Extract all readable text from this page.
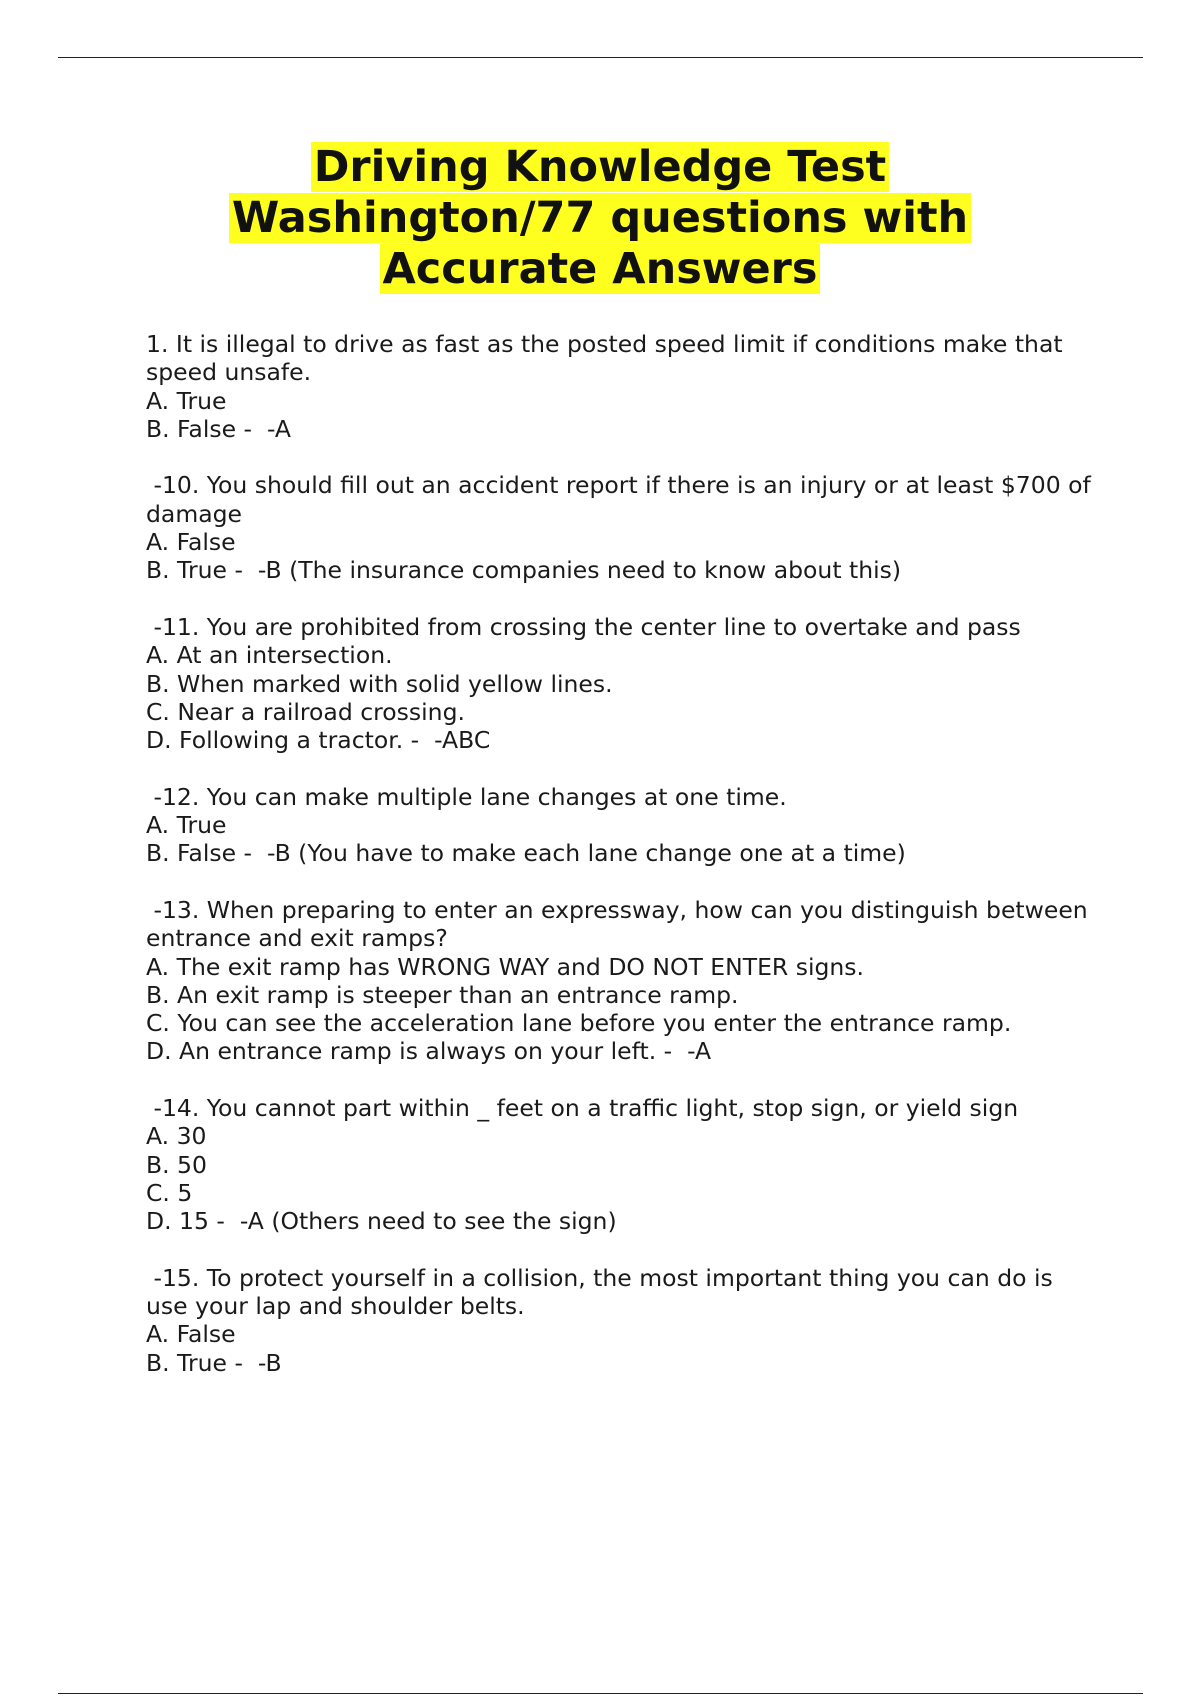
Driving Knowledge Test
Washington/77 questions with
Accurate Answers
1. It is illegal to drive as fast as the posted speed limit if conditions make that speed unsafe.
A. True
B. False -  -A
-10. You should fill out an accident report if there is an injury or at least $700 of damage
A. False
B. True -  -B (The insurance companies need to know about this)
-11. You are prohibited from crossing the center line to overtake and pass
A. At an intersection.
B. When marked with solid yellow lines.
C. Near a railroad crossing.
D. Following a tractor. -  -ABC
-12. You can make multiple lane changes at one time.
A. True
B. False -  -B (You have to make each lane change one at a time)
-13. When preparing to enter an expressway, how can you distinguish between entrance and exit ramps?
A. The exit ramp has WRONG WAY and DO NOT ENTER signs.
B. An exit ramp is steeper than an entrance ramp.
C. You can see the acceleration lane before you enter the entrance ramp.
D. An entrance ramp is always on your left. -  -A
-14. You cannot part within _ feet on a traffic light, stop sign, or yield sign
A. 30
B. 50
C. 5
D. 15 -  -A (Others need to see the sign)
-15. To protect yourself in a collision, the most important thing you can do is use your lap and shoulder belts.
A. False
B. True -  -B
